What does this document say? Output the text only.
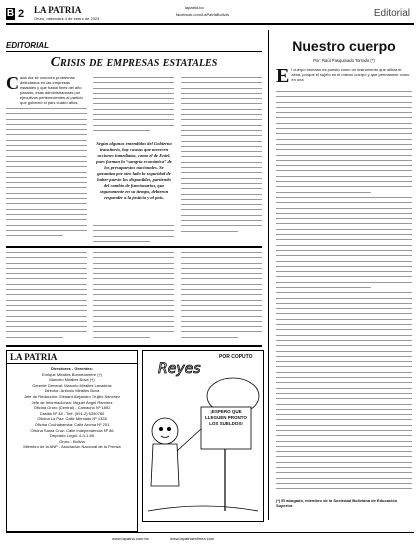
B 2 LA PATRIA
Oruro, miércoles 4 de enero de 2023
lapatria.bo
facebook.com/LaPatriaBolivia	Editorial
EDITORIAL
Crisis de empresas estatales
C ada día se conocen problemas detectados en las empresas estatales y que hasta fines del año pasado, esas administradoras por ejecutivos pertenecientes al partido que gobernó el país cuatro años,
Según algunos entendidos del Gobierno transitorio, hay causas que merecen acciones inmediatas, como el de Entel, pues forman la “sangría económica” de los presupuestos nacionales. Se garantiza por otro lado la seguridad de haber puesto los disponibles, partiendo del cambio de funcionarios, que seguramente en su tiempo, debieron responder a la justicia y al país.
Nuestro cuerpo
Por: Raúl Pasquinado Torrado (*)
E l cuerpo humano es puesto como un instrumento que utiliza el alma, porque el sujeto es el mismo cuerpo y que permanece como en una
(*) El abogado, miembro de la Sociedad Boliviana de Educación Superior.
LA PATRIA
Directores - Gerentes:
Enrique Miralles Bonnecarrère (†)
Marcelo Miralles Bova (†)
Gerente General: Marcelo Miralles Lavadenz
Director: Antonio Miralles Bova
Jefe de Redacción: Edward Alejandro Trujillo Sánchez
Jefe de Informaciones: Miguel Ángel Ramírez
Oficina Oruro (Central) - Camacho Nº 1892
Casilla Nº 48 - Telf. (591-2) 5250780
Oficina La Paz: Calle Mercado Nº 1328
Oficina Cochabamba: Calle Aroma Nº 251
Oficina Santa Cruz: Calle Independencia Nº 86
Depósito Legal: 4-3-1-69
Oruro - Bolivia
Miembro de la ANP - Asociación Nacional de la Prensa
Reyes
POR COPUTO
¡ESPERO QUE LLEGUEN PRONTO LOS SUELDOS!
www.lapatria.com.bo	www.lapatriaenlinea.com
